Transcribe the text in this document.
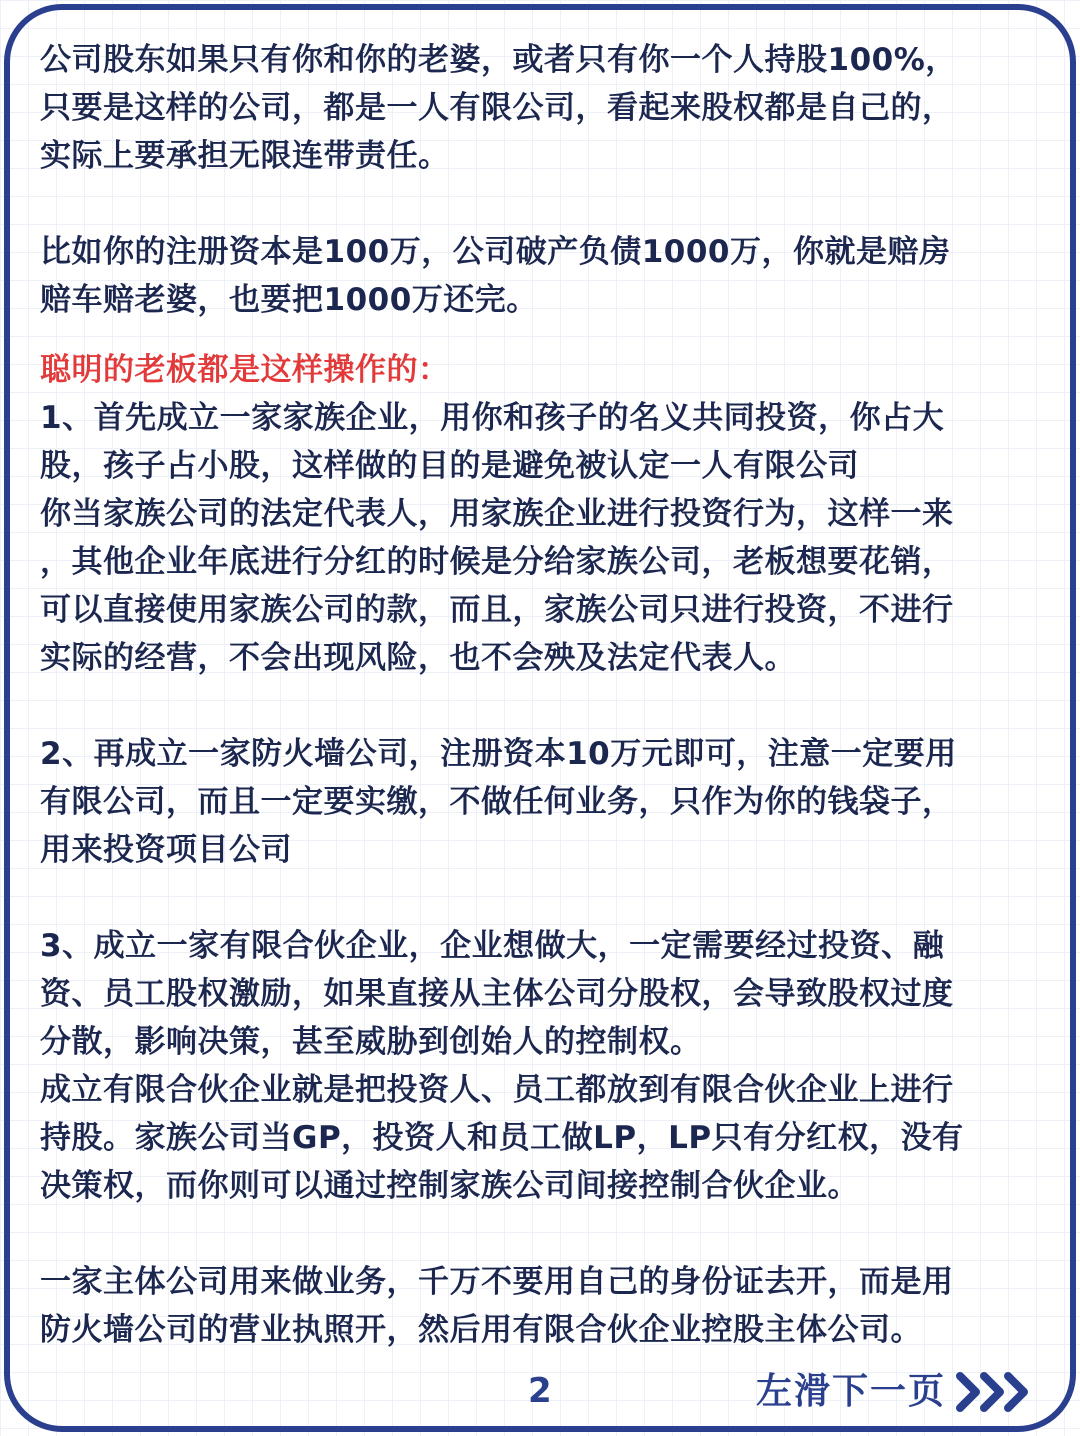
公司股东如果只有你和你的老婆，或者只有你一个人持股100%，
只要是这样的公司，都是一人有限公司，看起来股权都是自己的，
实际上要承担无限连带责任。

比如你的注册资本是100万，公司破产负债1000万，你就是赔房
赔车赔老婆，也要把1000万还完。

聪明的老板都是这样操作的：

1、首先成立一家家族企业，用你和孩子的名义共同投资，你占大
股，孩子占小股，这样做的目的是避免被认定一人有限公司
你当家族公司的法定代表人，用家族企业进行投资行为，这样一来
，其他企业年底进行分红的时候是分给家族公司，老板想要花销，
可以直接使用家族公司的款，而且，家族公司只进行投资，不进行
实际的经营，不会出现风险，也不会殃及法定代表人。

2、再成立一家防火墙公司，注册资本10万元即可，注意一定要用
有限公司，而且一定要实缴，不做任何业务，只作为你的钱袋子，
用来投资项目公司

3、成立一家有限合伙企业，企业想做大，一定需要经过投资、融
资、员工股权激励，如果直接从主体公司分股权，会导致股权过度
分散，影响决策，甚至威胁到创始人的控制权。
成立有限合伙企业就是把投资人、员工都放到有限合伙企业上进行
持股。家族公司当GP，投资人和员工做LP，LP只有分红权，没有
决策权，而你则可以通过控制家族公司间接控制合伙企业。

一家主体公司用来做业务，千万不要用自己的身份证去开，而是用
防火墙公司的营业执照开，然后用有限合伙企业控股主体公司。

2	左滑下一页
